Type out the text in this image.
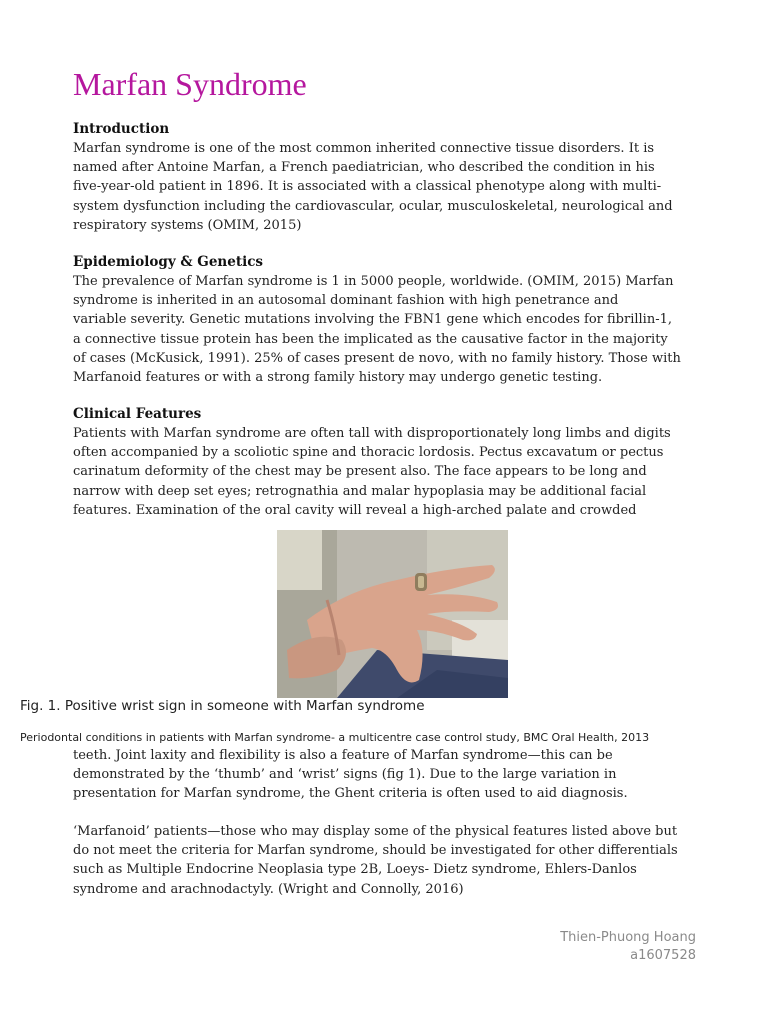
Marfan Syndrome
Introduction

Marfan syndrome is one of the most common inherited connective tissue disorders. It is
named after Antoine Marfan, a French paediatrician, who described the condition in his
five-year-old patient in 1896. It is associated with a classical phenotype along with multi-
system dysfunction including the cardiovascular, ocular, musculoskeletal, neurological and
respiratory systems (OMIM, 2015)

Epidemiology & Genetics

The prevalence of Marfan syndrome is 1 in 5000 people, worldwide. (OMIM, 2015) Marfan
syndrome is inherited in an autosomal dominant fashion with high penetrance and
variable severity. Genetic mutations involving the FBN1 gene which encodes for fibrillin-1,
a connective tissue protein has been the implicated as the causative factor in the majority
of cases (McKusick, 1991). 25% of cases present de novo, with no family history. Those with
Marfanoid features or with a strong family history may undergo genetic testing.

Clinical Features

Patients with Marfan syndrome are often tall with disproportionately long limbs and digits
often accompanied by a scoliotic spine and thoracic lordosis. Pectus excavatum or pectus
carinatum deformity of the chest may be present also. The face appears to be long and
narrow with deep set eyes; retrognathia and malar hypoplasia may be additional facial
features. Examination of the oral cavity will reveal a high-arched palate and crowded

Fig. 1. Positive wrist sign in someone with Marfan syndrome

Periodontal conditions in patients with Marfan syndrome- a multicentre case control study, BMC Oral Health, 2013

teeth. Joint laxity and flexibility is also a feature of Marfan syndrome—this can be
demonstrated by the ‘thumb’ and ‘wrist’ signs (fig 1). Due to the large variation in
presentation for Marfan syndrome, the Ghent criteria is often used to aid diagnosis.

‘Marfanoid’ patients—those who may display some of the physical features listed above but
do not meet the criteria for Marfan syndrome, should be investigated for other differentials
such as Multiple Endocrine Neoplasia type 2B, Loeys- Dietz syndrome, Ehlers-Danlos
syndrome and arachnodactyly. (Wright and Connolly, 2016)

Thien-Phuong Hoang
a1607528
